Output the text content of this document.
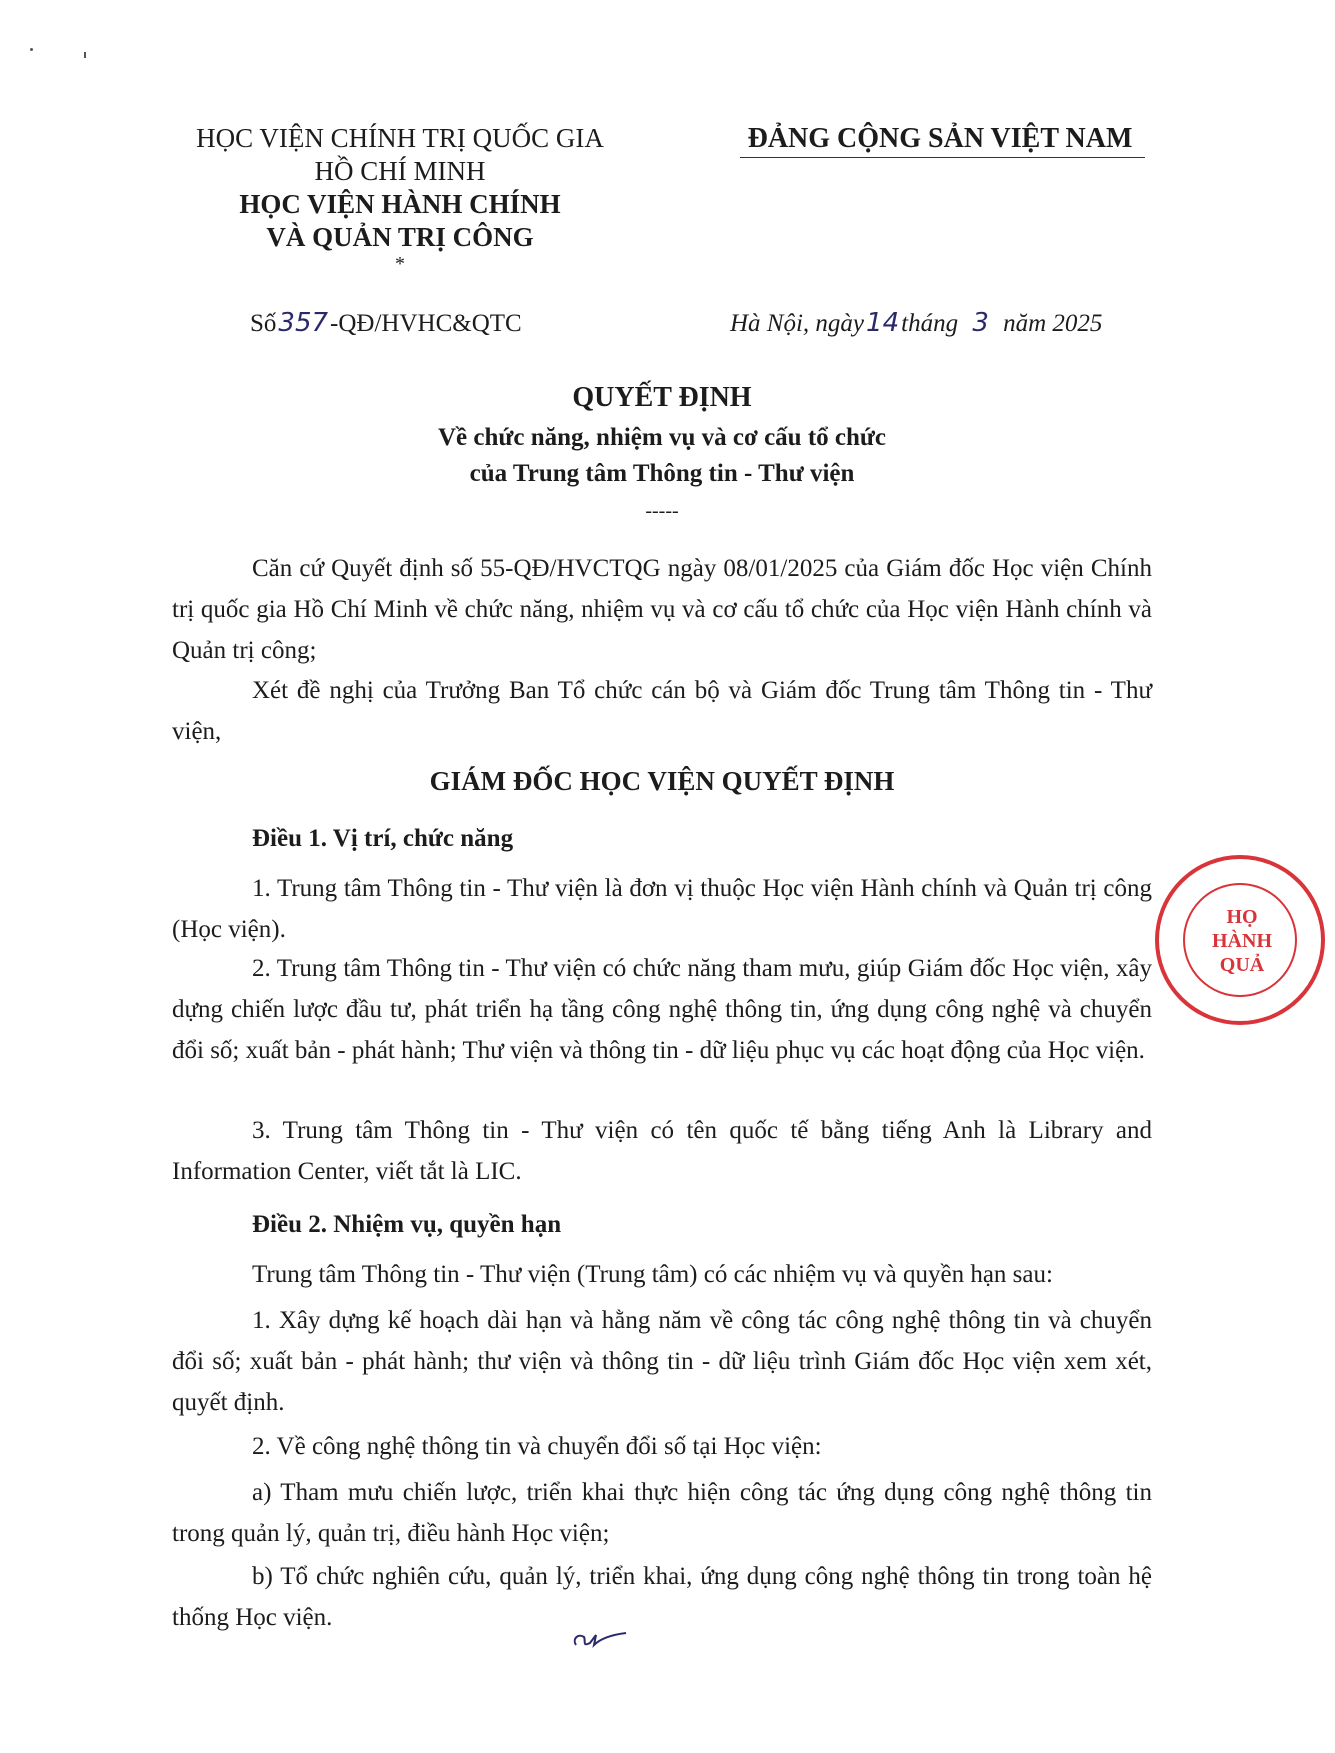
HỌC VIỆN CHÍNH TRỊ QUỐC GIA
HỒ CHÍ MINH
HỌC VIỆN HÀNH CHÍNH
VÀ QUẢN TRỊ CÔNG
*
ĐẢNG CỘNG SẢN VIỆT NAM
Số357-QĐ/HVHC&QTC	Hà Nội, ngày14tháng 3 năm 2025
QUYẾT ĐỊNH
Về chức năng, nhiệm vụ và cơ cấu tổ chức
của Trung tâm Thông tin - Thư viện
-----

Căn cứ Quyết định số 55-QĐ/HVCTQG ngày 08/01/2025 của Giám đốc Học viện Chính trị quốc gia Hồ Chí Minh về chức năng, nhiệm vụ và cơ cấu tổ chức của Học viện Hành chính và Quản trị công;

Xét đề nghị của Trưởng Ban Tổ chức cán bộ và Giám đốc Trung tâm Thông tin - Thư viện,

GIÁM ĐỐC HỌC VIỆN QUYẾT ĐỊNH

Điều 1. Vị trí, chức năng

1. Trung tâm Thông tin - Thư viện là đơn vị thuộc Học viện Hành chính và Quản trị công (Học viện).

2. Trung tâm Thông tin - Thư viện có chức năng tham mưu, giúp Giám đốc Học viện, xây dựng chiến lược đầu tư, phát triển hạ tầng công nghệ thông tin, ứng dụng công nghệ và chuyển đổi số; xuất bản - phát hành; Thư viện và thông tin - dữ liệu phục vụ các hoạt động của Học viện.

3. Trung tâm Thông tin - Thư viện có tên quốc tế bằng tiếng Anh là Library and Information Center, viết tắt là LIC.

Điều 2. Nhiệm vụ, quyền hạn

Trung tâm Thông tin - Thư viện (Trung tâm) có các nhiệm vụ và quyền hạn sau:

1. Xây dựng kế hoạch dài hạn và hằng năm về công tác công nghệ thông tin và chuyển đổi số; xuất bản - phát hành; thư viện và thông tin - dữ liệu trình Giám đốc Học viện xem xét, quyết định.

2. Về công nghệ thông tin và chuyển đổi số tại Học viện:

a) Tham mưu chiến lược, triển khai thực hiện công tác ứng dụng công nghệ thông tin trong quản lý, quản trị, điều hành Học viện;

b) Tổ chức nghiên cứu, quản lý, triển khai, ứng dụng công nghệ thông tin trong toàn hệ thống Học viện.

HỌ
HÀNH
QUẢ
